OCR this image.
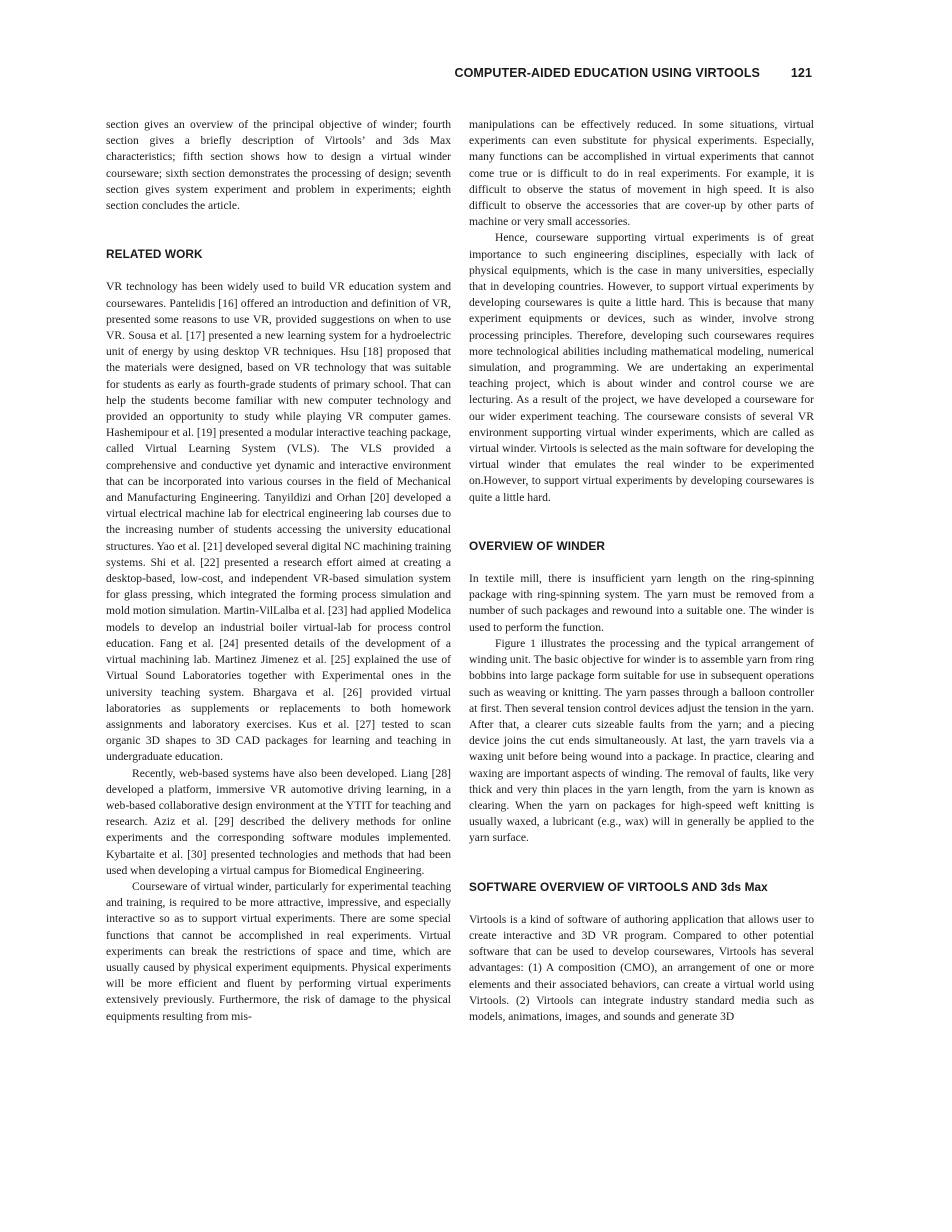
COMPUTER-AIDED EDUCATION USING VIRTOOLS 121

section gives an overview of the principal objective of winder; fourth section gives a briefly description of Virtools’ and 3ds Max characteristics; fifth section shows how to design a virtual winder courseware; sixth section demonstrates the processing of design; seventh section gives system experiment and problem in experiments; eighth section concludes the article.

RELATED WORK

VR technology has been widely used to build VR education system and coursewares. Pantelidis [16] offered an introduction and definition of VR, presented some reasons to use VR, provided suggestions on when to use VR. Sousa et al. [17] presented a new learning system for a hydroelectric unit of energy by using desktop VR techniques. Hsu [18] proposed that the materials were designed, based on VR technology that was suitable for students as early as fourth-grade students of primary school. That can help the students become familiar with new computer technology and provided an opportunity to study while playing VR computer games. Hashemipour et al. [19] presented a modular interactive teaching package, called Virtual Learning System (VLS). The VLS provided a comprehensive and conductive yet dynamic and interactive environment that can be incorporated into various courses in the field of Mechanical and Manufacturing Engineering. Tanyildizi and Orhan [20] developed a virtual electrical machine lab for electrical engineering lab courses due to the increasing number of students accessing the university educational structures. Yao et al. [21] developed several digital NC machining training systems. Shi et al. [22] presented a research effort aimed at creating a desktop-based, low-cost, and independent VR-based simulation system for glass pressing, which integrated the forming process simulation and mold motion simulation. Martin-VilLalba et al. [23] had applied Modelica models to develop an industrial boiler virtual-lab for process control education. Fang et al. [24] presented details of the development of a virtual machining lab. Martinez Jimenez et al. [25] explained the use of Virtual Sound Laboratories together with Experimental ones in the university teaching system. Bhargava et al. [26] provided virtual laboratories as supplements or replacements to both homework assignments and laboratory exercises. Kus et al. [27] tested to scan organic 3D shapes to 3D CAD packages for learning and teaching in undergraduate education.

Recently, web-based systems have also been developed. Liang [28] developed a platform, immersive VR automotive driving learning, in a web-based collaborative design environment at the YTIT for teaching and research. Aziz et al. [29] described the delivery methods for online experiments and the corresponding software modules implemented. Kybartaite et al. [30] presented technologies and methods that had been used when developing a virtual campus for Biomedical Engineering.

Courseware of virtual winder, particularly for experimental teaching and training, is required to be more attractive, impressive, and especially interactive so as to support virtual experiments. There are some special functions that cannot be accomplished in real experiments. Virtual experiments can break the restrictions of space and time, which are usually caused by physical experiment equipments. Physical experiments will be more efficient and fluent by performing virtual experiments extensively previously. Furthermore, the risk of damage to the physical equipments resulting from mis-

manipulations can be effectively reduced. In some situations, virtual experiments can even substitute for physical experiments. Especially, many functions can be accomplished in virtual experiments that cannot come true or is difficult to do in real experiments. For example, it is difficult to observe the status of movement in high speed. It is also difficult to observe the accessories that are cover-up by other parts of machine or very small accessories.

Hence, courseware supporting virtual experiments is of great importance to such engineering disciplines, especially with lack of physical equipments, which is the case in many universities, especially that in developing countries. However, to support virtual experiments by developing coursewares is quite a little hard. This is because that many experiment equipments or devices, such as winder, involve strong processing principles. Therefore, developing such coursewares requires more technological abilities including mathematical modeling, numerical simulation, and programming. We are undertaking an experimental teaching project, which is about winder and control course we are lecturing. As a result of the project, we have developed a courseware for our wider experiment teaching. The courseware consists of several VR environment supporting virtual winder experiments, which are called as virtual winder. Virtools is selected as the main software for developing the virtual winder that emulates the real winder to be experimented on.However, to support virtual experiments by developing coursewares is quite a little hard.

OVERVIEW OF WINDER

In textile mill, there is insufficient yarn length on the ring-spinning package with ring-spinning system. The yarn must be removed from a number of such packages and rewound into a suitable one. The winder is used to perform the function.

Figure 1 illustrates the processing and the typical arrangement of winding unit. The basic objective for winder is to assemble yarn from ring bobbins into large package form suitable for use in subsequent operations such as weaving or knitting. The yarn passes through a balloon controller at first. Then several tension control devices adjust the tension in the yarn. After that, a clearer cuts sizeable faults from the yarn; and a piecing device joins the cut ends simultaneously. At last, the yarn travels via a waxing unit before being wound into a package. In practice, clearing and waxing are important aspects of winding. The removal of faults, like very thick and very thin places in the yarn length, from the yarn is known as clearing. When the yarn on packages for high-speed weft knitting is usually waxed, a lubricant (e.g., wax) will in generally be applied to the yarn surface.

SOFTWARE OVERVIEW OF VIRTOOLS AND 3ds Max

Virtools is a kind of software of authoring application that allows user to create interactive and 3D VR program. Compared to other potential software that can be used to develop coursewares, Virtools has several advantages: (1) A composition (CMO), an arrangement of one or more elements and their associated behaviors, can create a virtual world using Virtools. (2) Virtools can integrate industry standard media such as models, animations, images, and sounds and generate 3D
